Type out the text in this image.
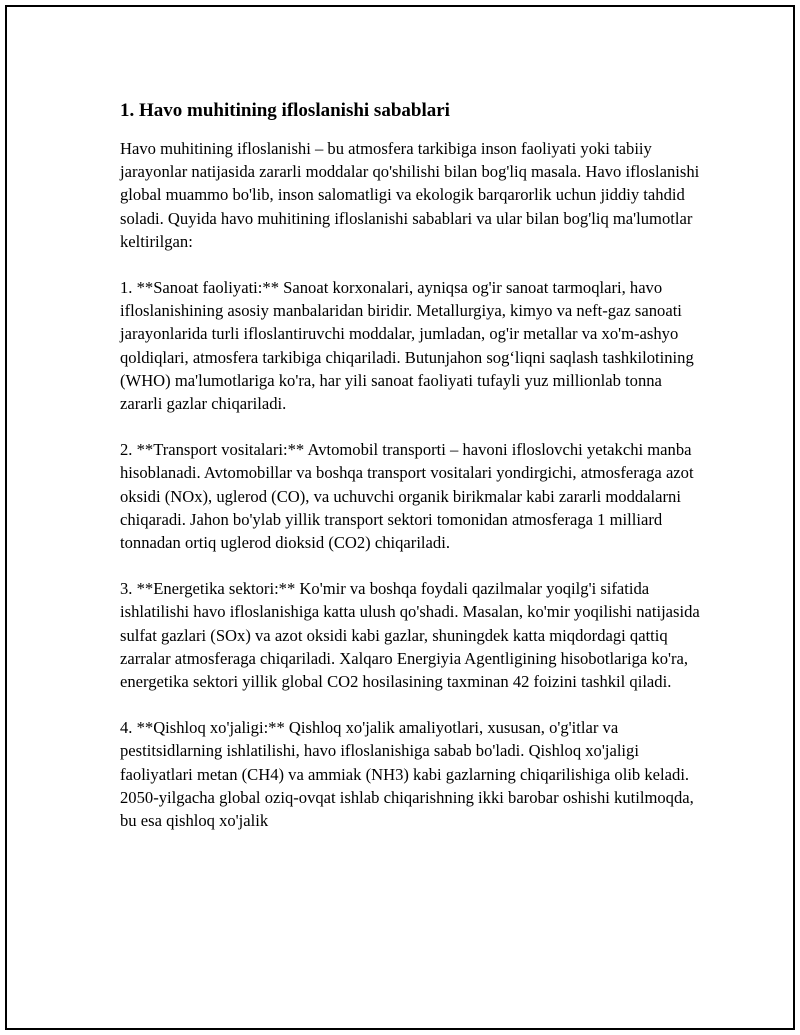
1. Havo muhitining ifloslanishi sabablari

Havo muhitining ifloslanishi – bu atmosfera tarkibiga inson faoliyati yoki tabiiy jarayonlar natijasida zararli moddalar qo'shilishi bilan bog'liq masala. Havo ifloslanishi global muammo bo'lib, inson salomatligi va ekologik barqarorlik uchun jiddiy tahdid soladi. Quyida havo muhitining ifloslanishi sabablari va ular bilan bog'liq ma'lumotlar keltirilgan:

1. **Sanoat faoliyati:** Sanoat korxonalari, ayniqsa og'ir sanoat tarmoqlari, havo ifloslanishining asosiy manbalaridan biridir. Metallurgiya, kimyo va neft-gaz sanoati jarayonlarida turli ifloslantiruvchi moddalar, jumladan, og'ir metallar va xo'm-ashyo qoldiqlari, atmosfera tarkibiga chiqariladi. Butunjahon sog‘liqni saqlash tashkilotining (WHO) ma'lumotlariga ko'ra, har yili sanoat faoliyati tufayli yuz millionlab tonna zararli gazlar chiqariladi.

2. **Transport vositalari:** Avtomobil transporti – havoni ifloslovchi yetakchi manba hisoblanadi. Avtomobillar va boshqa transport vositalari yondirgichi, atmosferaga azot oksidi (NOx), uglerod (CO), va uchuvchi organik birikmalar kabi zararli moddalarni chiqaradi. Jahon bo'ylab yillik transport sektori tomonidan atmosferaga 1 milliard tonnadan ortiq uglerod dioksid (CO2) chiqariladi.

3. **Energetika sektori:** Ko'mir va boshqa foydali qazilmalar yoqilg'i sifatida ishlatilishi havo ifloslanishiga katta ulush qo'shadi. Masalan, ko'mir yoqilishi natijasida sulfat gazlari (SOx) va azot oksidi kabi gazlar, shuningdek katta miqdordagi qattiq zarralar atmosferaga chiqariladi. Xalqaro Energiyia Agentligining hisobotlariga ko'ra, energetika sektori yillik global CO2 hosilasining taxminan 42 foizini tashkil qiladi.

4. **Qishloq xo'jaligi:** Qishloq xo'jalik amaliyotlari, xususan, o'g'itlar va pestitsidlarning ishlatilishi, havo ifloslanishiga sabab bo'ladi. Qishloq xo'jaligi faoliyatlari metan (CH4) va ammiak (NH3) kabi gazlarning chiqarilishiga olib keladi. 2050-yilgacha global oziq-ovqat ishlab chiqarishning ikki barobar oshishi kutilmoqda, bu esa qishloq xo'jalik
